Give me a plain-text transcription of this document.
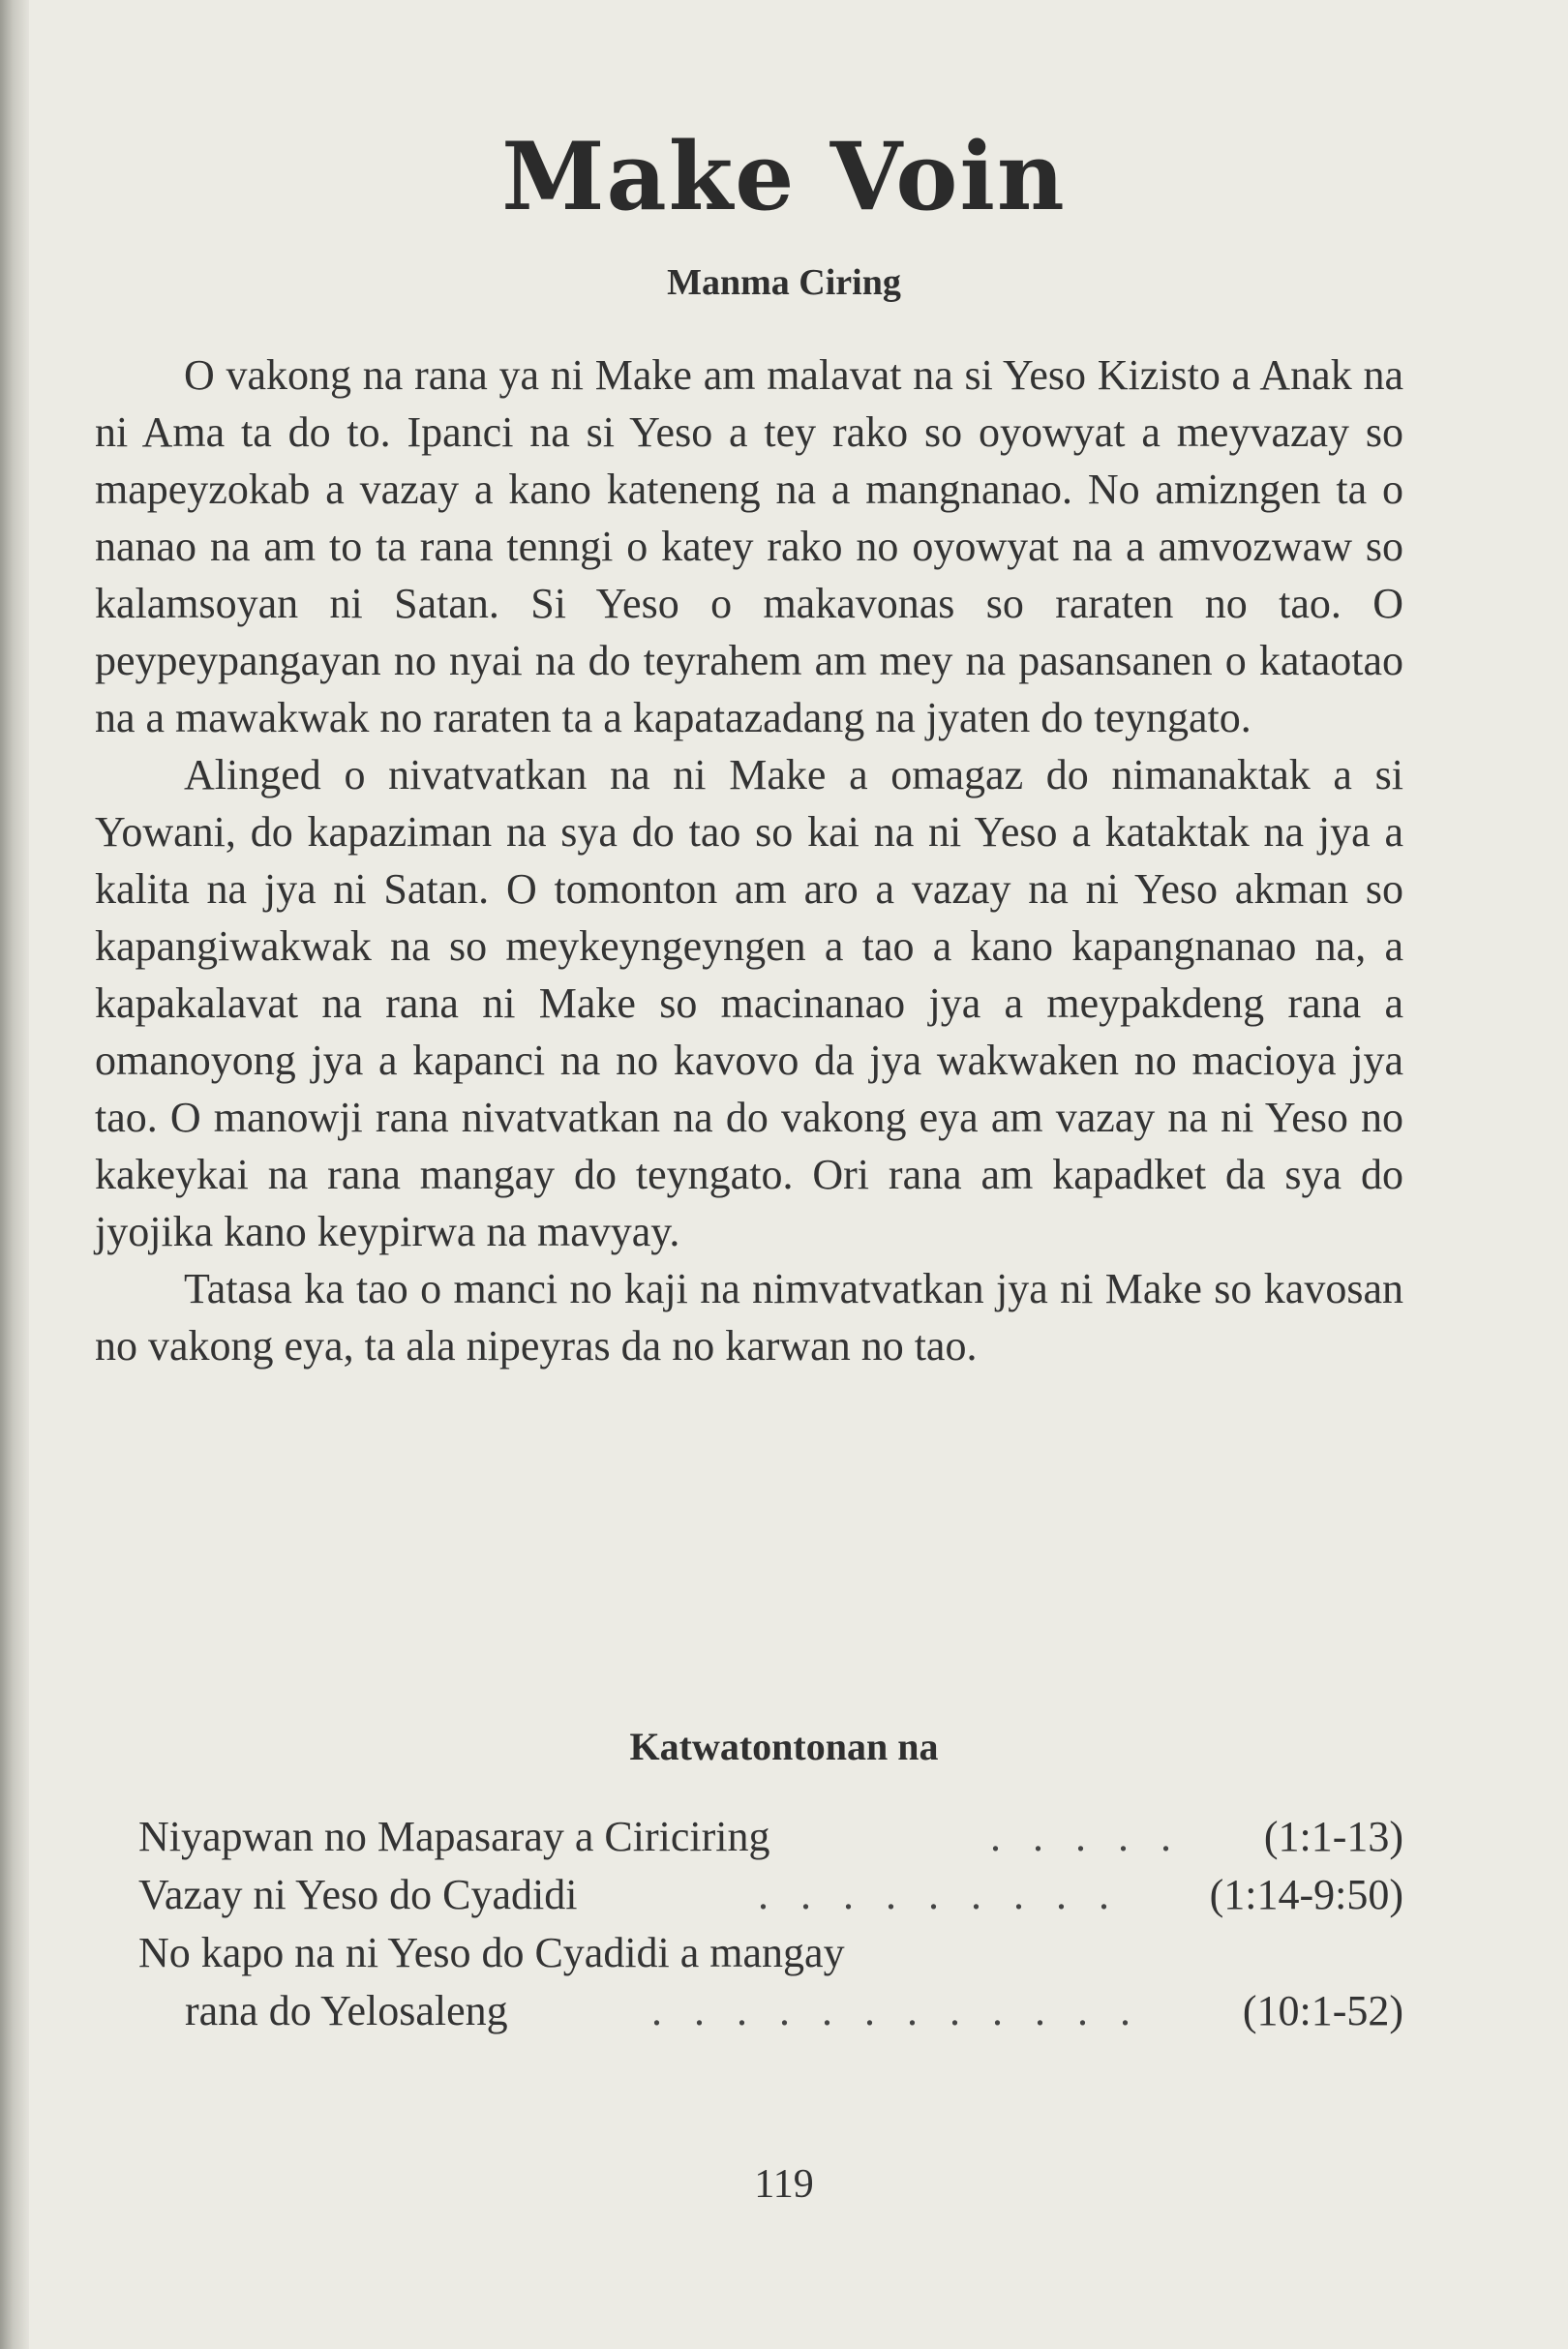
Make Voin
Manma Ciring

O vakong na rana ya ni Make am malavat na si Yeso Kizisto a Anak na ni Ama ta do to. Ipanci na si Yeso a tey rako so oyowyat a meyvazay so mapeyzokab a vazay a kano kateneng na a mangnanao. No amizngen ta o nanao na am to ta rana tenngi o katey rako no oyowyat na a amvozwaw so kalamsoyan ni Satan. Si Yeso o makavonas so raraten no tao. O peypeypangayan no nyai na do teyrahem am mey na pasansanen o kataotao na a mawakwak no raraten ta a kapatazadang na jyaten do teyngato.

Alinged o nivatvatkan na ni Make a omagaz do nimanaktak a si Yowani, do kapaziman na sya do tao so kai na ni Yeso a kataktak na jya a kalita na jya ni Satan. O tomonton am aro a vazay na ni Yeso akman so kapangiwakwak na so meykeyngeyngen a tao a kano kapangnanao na, a kapakalavat na rana ni Make so macinanao jya a meypakdeng rana a omanoyong jya a kapanci na no kavovo da jya wakwaken no macioya jya tao. O manowji rana nivatvatkan na do vakong eya am vazay na ni Yeso no kakeykai na rana mangay do teyngato. Ori rana am kapadket da sya do jyojika kano keypirwa na mavyay.

Tatasa ka tao o manci no kaji na nimvatvatkan jya ni Make so kavosan no vakong eya, ta ala nipeyras da no karwan no tao.

Katwatontonan na
Niyapwan no Mapasaray a Ciriciring	. . . . . (1:1-13)
Vazay ni Yeso do Cyadidi	. . . . . . . . . (1:14-9:50)
No kapo na ni Yeso do Cyadidi a mangay
rana do Yelosaleng	. . . . . . . . . . . . (10:1-52)
119
